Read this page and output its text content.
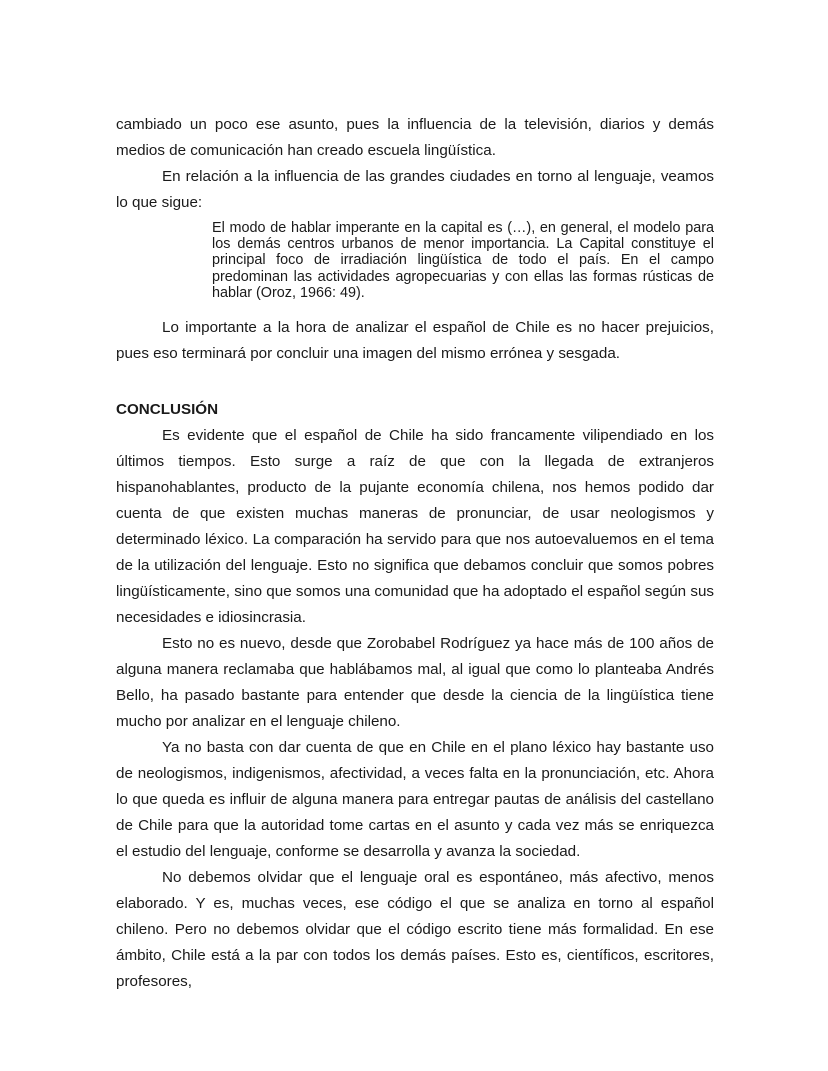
cambiado un poco ese asunto, pues la influencia de la televisión, diarios y demás medios de comunicación han creado escuela lingüística.

En relación a la influencia de las grandes ciudades en torno al lenguaje, veamos lo que sigue:

El modo de hablar imperante en la capital es (…), en general, el modelo para los demás centros urbanos de menor importancia. La Capital constituye el principal foco de irradiación lingüística de todo el país. En el campo predominan las actividades agropecuarias y con ellas las formas rústicas de hablar (Oroz, 1966: 49).

Lo importante a la hora de analizar el español de Chile es no hacer prejuicios, pues eso terminará por concluir una imagen del mismo errónea y sesgada.

CONCLUSIÓN

Es evidente que el español de Chile ha sido francamente vilipendiado en los últimos tiempos. Esto surge a raíz de que con la llegada de extranjeros hispanohablantes, producto de la pujante economía chilena, nos hemos podido dar cuenta de que existen muchas maneras de pronunciar, de usar neologismos y determinado léxico. La comparación ha servido para que nos autoevaluemos en el tema de la utilización del lenguaje. Esto no significa que debamos concluir que somos pobres lingüísticamente, sino que somos una comunidad que ha adoptado el español según sus necesidades e idiosincrasia.

Esto no es nuevo, desde que Zorobabel Rodríguez ya hace más de 100 años de alguna manera reclamaba que hablábamos mal, al igual que como lo planteaba Andrés Bello, ha pasado bastante para entender que desde la ciencia de la lingüística tiene mucho por analizar en el lenguaje chileno.

Ya no basta con dar cuenta de que en Chile en el plano léxico hay bastante uso de neologismos, indigenismos, afectividad, a veces falta en la pronunciación, etc. Ahora lo que queda es influir de alguna manera para entregar pautas de análisis del castellano de Chile para que la autoridad tome cartas en el asunto y cada vez más se enriquezca el estudio del lenguaje, conforme se desarrolla y avanza la sociedad.

No debemos olvidar que el lenguaje oral es espontáneo, más afectivo, menos elaborado. Y es, muchas veces, ese código el que se analiza en torno al español chileno. Pero no debemos olvidar que el código escrito tiene más formalidad. En ese ámbito, Chile está a la par con todos los demás países. Esto es, científicos, escritores, profesores,
